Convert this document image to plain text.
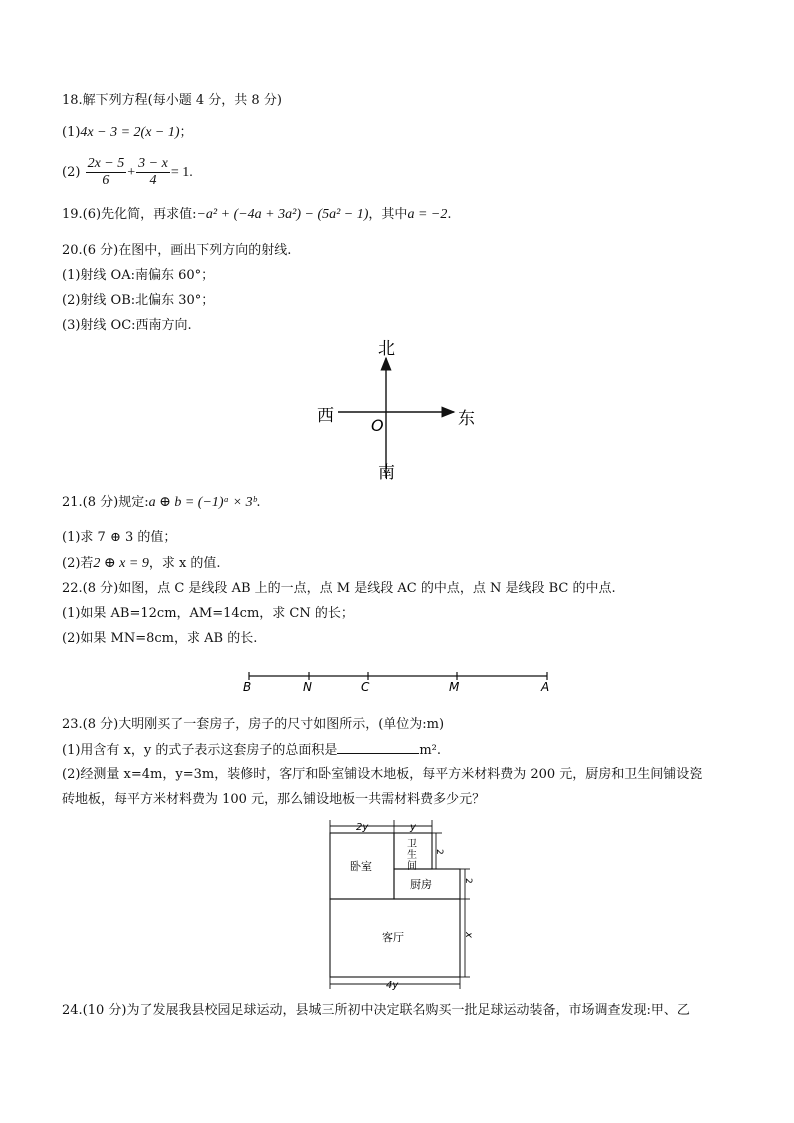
18.解下列方程(每小题 4 分，共 8 分)
(1)4x − 3 = 2(x − 1)；
$(2) \frac{2x - 5}{6} + \frac{3 - x}{4} = 1$.
19.(6)先化简，再求值:−a² + (−4a + 3a²) − (5a² − 1)，其中a = −2.
20.(6 分)在图中，画出下列方向的射线.
(1)射线 OA:南偏东 60°；
(2)射线 OB:北偏东 30°；
(3)射线 OC:西南方向.
北
南
西	东
O
21.(8 分)规定:a ⊕ b = (−1)ᵃ × 3ᵇ.
(1)求 7 ⊕ 3 的值；
(2)若2 ⊕ x = 9，求 x 的值.
22.(8 分)如图，点 C 是线段 AB 上的一点，点 M 是线段 AC 的中点，点 N 是线段 BC 的中点.
(1)如果 AB=12cm，AM=14cm，求 CN 的长；
(2)如果 MN=8cm，求 AB 的长.
B	N	C	M	A
23.(8 分)大明刚买了一套房子，房子的尺寸如图所示，(单位为:m)
(1)用含有 x，y 的式子表示这套房子的总面积是	m².
(2)经测量 x=4m，y=3m，装修时，客厅和卧室铺设木地板，每平方米材料费为 200 元，厨房和卫生间铺设瓷
砖地板，每平方米材料费为 100 元，那么铺设地板一共需材料费多少元？
2y	y
卧室
卫
生
间
厨房
客厅
2
2
x
4y
24.(10 分)为了发展我县校园足球运动，县城三所初中决定联名购买一批足球运动装备，市场调查发现:甲、乙
